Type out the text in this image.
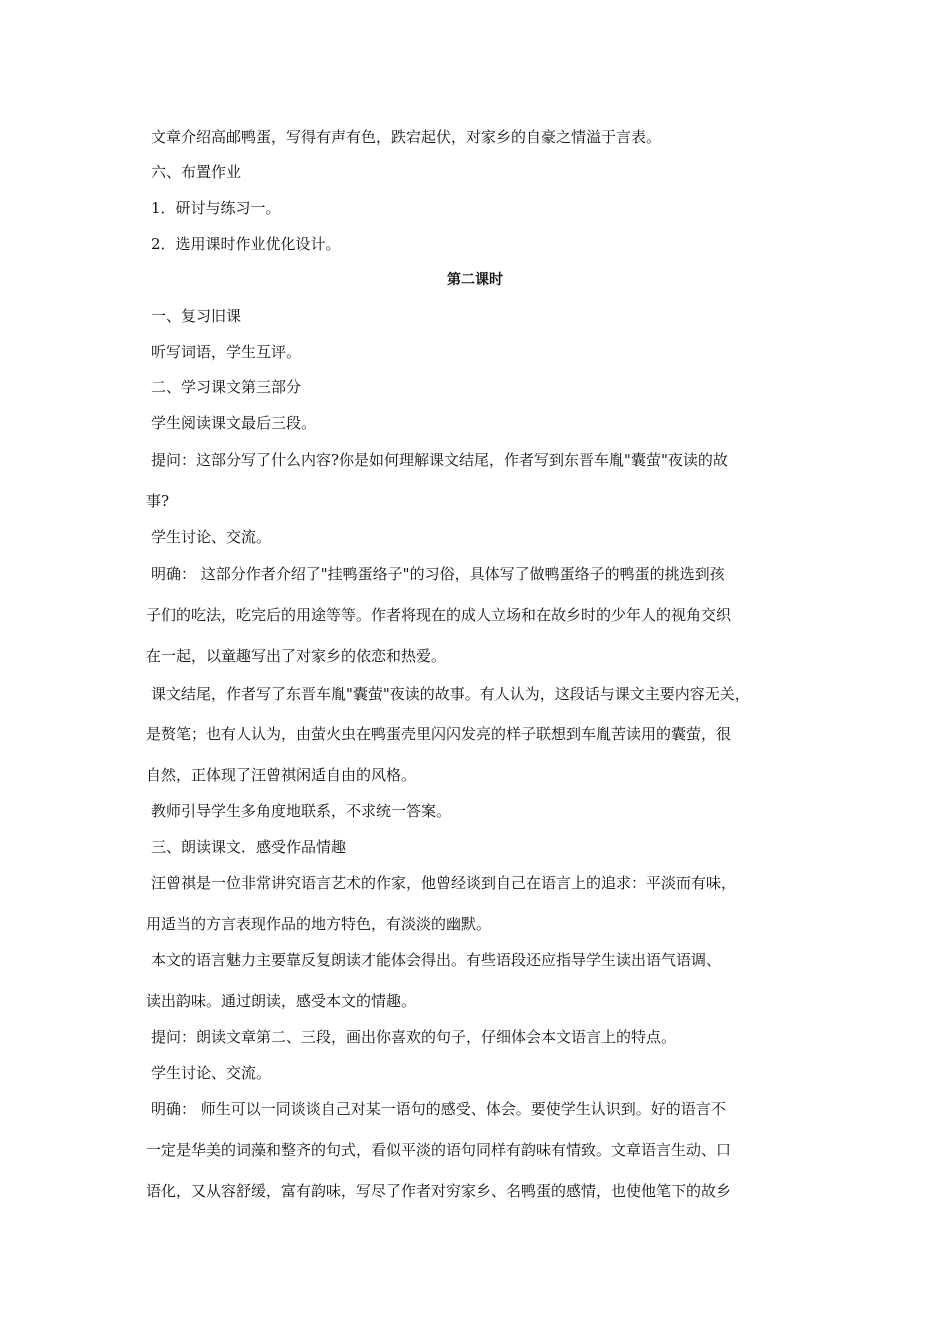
文章介绍高邮鸭蛋，写得有声有色，跌宕起伏，对家乡的自豪之情溢于言表。
六、布置作业
1．研讨与练习一。
2．选用课时作业优化设计。
第二课时
一、复习旧课
听写词语，学生互评。
二、学习课文第三部分
学生阅读课文最后三段。
提问：这部分写了什么内容?你是如何理解课文结尾，作者写到东晋车胤"囊萤"夜读的故
事?
学生讨论、交流。
明确： 这部分作者介绍了"挂鸭蛋络子"的习俗，具体写了做鸭蛋络子的鸭蛋的挑选到孩
子们的吃法，吃完后的用途等等。作者将现在的成人立场和在故乡时的少年人的视角交织
在一起，以童趣写出了对家乡的依恋和热爱。
课文结尾，作者写了东晋车胤"囊萤"夜读的故事。有人认为，这段话与课文主要内容无关，
是赘笔；也有人认为，由萤火虫在鸭蛋壳里闪闪发亮的样子联想到车胤苦读用的囊萤，很
自然，正体现了汪曾祺闲适自由的风格。
教师引导学生多角度地联系，不求统一答案。
三、朗读课文．感受作品情趣
汪曾祺是一位非常讲究语言艺术的作家，他曾经谈到自己在语言上的追求：平淡而有味，
用适当的方言表现作品的地方特色，有淡淡的幽默。
本文的语言魅力主要靠反复朗读才能体会得出。有些语段还应指导学生读出语气语调、
读出韵味。通过朗读，感受本文的情趣。
提问：朗读文章第二、三段，画出你喜欢的句子，仔细体会本文语言上的特点。
学生讨论、交流。
明确： 师生可以一同谈谈自己对某一语句的感受、体会。要使学生认识到。好的语言不
一定是华美的词藻和整齐的句式，看似平淡的语句同样有韵味有情致。文章语言生动、口
语化，又从容舒缓，富有韵味，写尽了作者对穷家乡、名鸭蛋的感情，也使他笔下的故乡
